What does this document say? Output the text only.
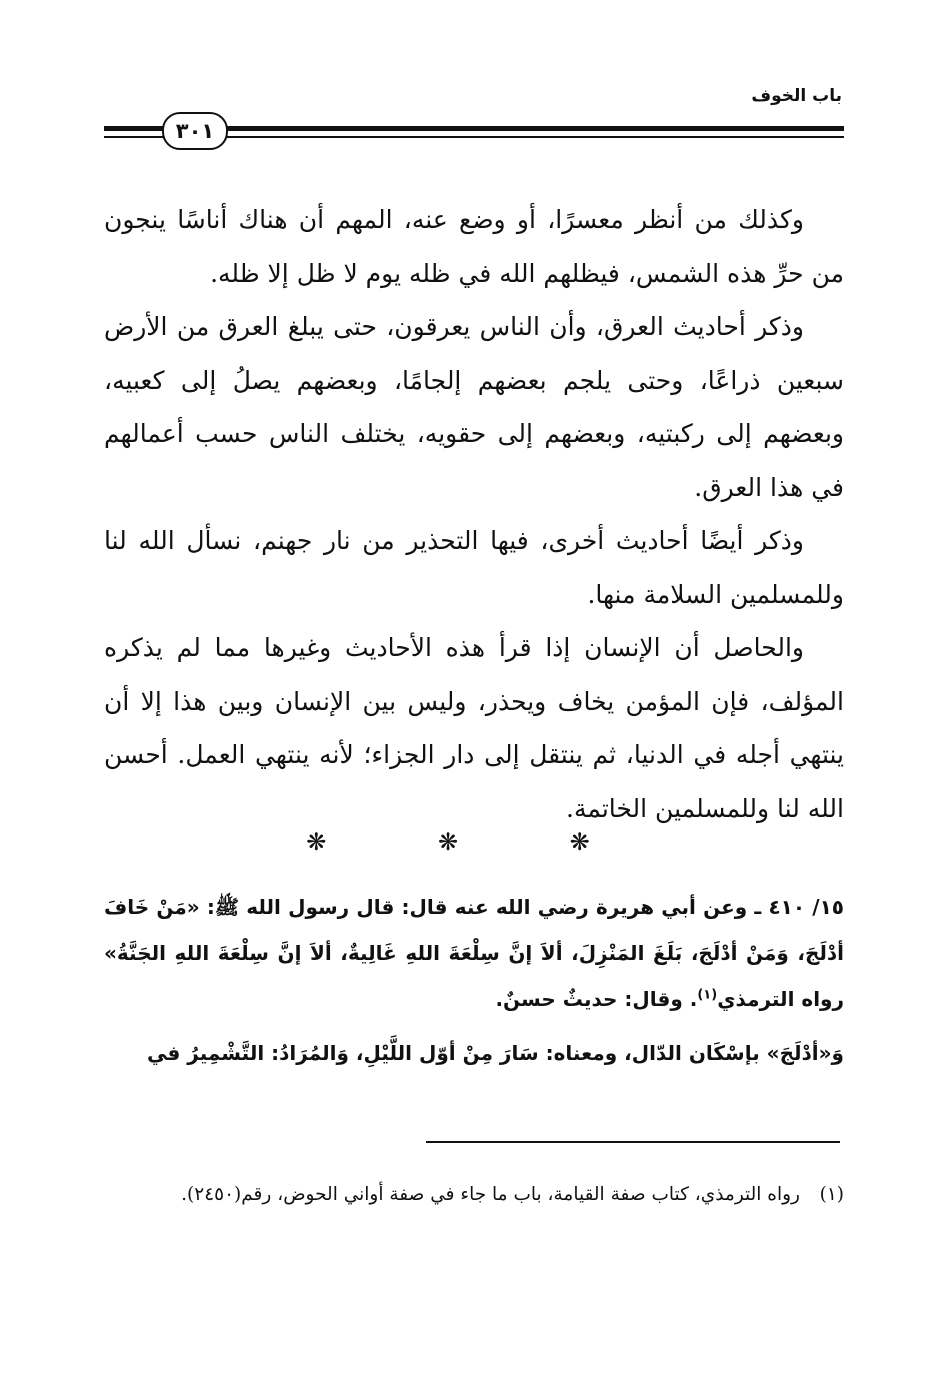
باب الخوف
٣٠١

وكذلك من أنظر معسرًا، أو وضع عنه، المهم أن هناك أناسًا ينجون من حرِّ هذه الشمس، فيظلهم الله في ظله يوم لا ظل إلا ظله.

وذكر أحاديث العرق، وأن الناس يعرقون، حتى يبلغ العرق من الأرض سبعين ذراعًا، وحتى يلجم بعضهم إلجامًا، وبعضهم يصلُ إلى كعبيه، وبعضهم إلى ركبتيه، وبعضهم إلى حقويه، يختلف الناس حسب أعمالهم في هذا العرق.

وذكر أيضًا أحاديث أخرى، فيها التحذير من نار جهنم، نسأل الله لنا وللمسلمين السلامة منها.

والحاصل أن الإنسان إذا قرأ هذه الأحاديث وغيرها مما لم يذكره المؤلف، فإن المؤمن يخاف ويحذر، وليس بين الإنسان وبين هذا إلا أن ينتهي أجله في الدنيا، ثم ينتقل إلى دار الجزاء؛ لأنه ينتهي العمل. أحسن الله لنا وللمسلمين الخاتمة.

❋ ❋ ❋

١٥/ ٤١٠ ـ وعن أبي هريرة رضي الله عنه قال: قال رسول الله ﷺ: «مَنْ خَافَ أدْلَجَ، وَمَنْ أدْلَجَ، بَلَغَ المَنْزِلَ، ألاَ إنَّ سِلْعَةَ اللهِ غَالِيةٌ، ألاَ إنَّ سِلْعَةَ اللهِ الجَنَّةُ» رواه الترمذي$^{(١)}$. وقال: حديثٌ حسنٌ.

وَ«أدْلَجَ» بإسْكَان الدّال، ومعناه: سَارَ مِنْ أوّل اللَّيْلِ، وَالمُرَادُ: التَّشْمِيرُ في

(١)
رواه الترمذي، كتاب صفة القيامة، باب ما جاء في صفة أواني الحوض، رقم(٢٤٥٠).
